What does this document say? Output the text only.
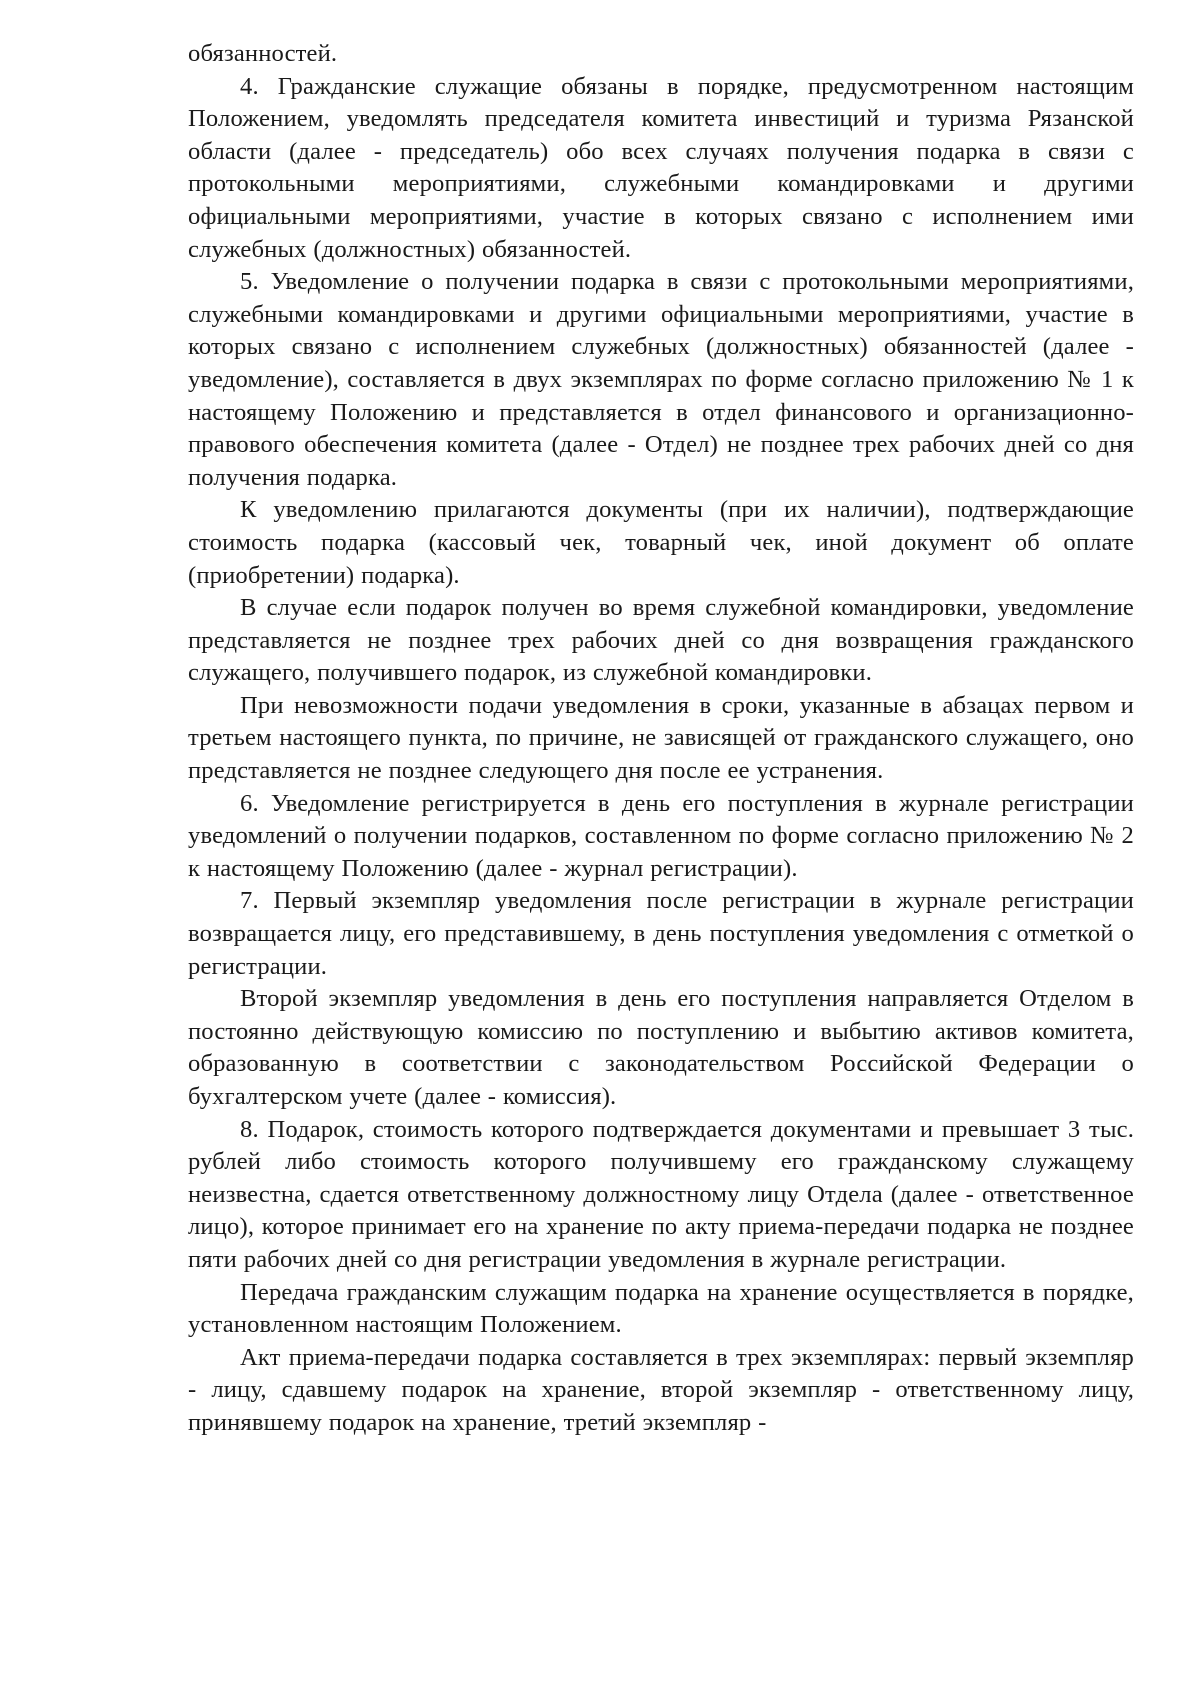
обязанностей.

4. Гражданские служащие обязаны в порядке, предусмотренном настоящим Положением, уведомлять председателя комитета инвестиций и туризма Рязанской области (далее - председатель) обо всех случаях получения подарка в связи с протокольными мероприятиями, служебными командировками и другими официальными мероприятиями, участие в которых связано с исполнением ими служебных (должностных) обязанностей.

5. Уведомление о получении подарка в связи с протокольными мероприятиями, служебными командировками и другими официальными мероприятиями, участие в которых связано с исполнением служебных (должностных) обязанностей (далее - уведомление), составляется в двух экземплярах по форме согласно приложению № 1 к настоящему Положению и представляется в отдел финансового и организационно-правового обеспечения комитета (далее - Отдел) не позднее трех рабочих дней со дня получения подарка.

К уведомлению прилагаются документы (при их наличии), подтверждающие стоимость подарка (кассовый чек, товарный чек, иной документ об оплате (приобретении) подарка).

В случае если подарок получен во время служебной командировки, уведомление представляется не позднее трех рабочих дней со дня возвращения гражданского служащего, получившего подарок, из служебной командировки.

При невозможности подачи уведомления в сроки, указанные в абзацах первом и третьем настоящего пункта, по причине, не зависящей от гражданского служащего, оно представляется не позднее следующего дня после ее устранения.

6. Уведомление регистрируется в день его поступления в журнале регистрации уведомлений о получении подарков, составленном по форме согласно приложению № 2 к настоящему Положению (далее - журнал регистрации).

7. Первый экземпляр уведомления после регистрации в журнале регистрации возвращается лицу, его представившему, в день поступления уведомления с отметкой о регистрации.

Второй экземпляр уведомления в день его поступления направляется Отделом в постоянно действующую комиссию по поступлению и выбытию активов комитета, образованную в соответствии с законодательством Российской Федерации о бухгалтерском учете (далее - комиссия).

8. Подарок, стоимость которого подтверждается документами и превышает 3 тыс. рублей либо стоимость которого получившему его гражданскому служащему неизвестна, сдается ответственному должностному лицу Отдела (далее - ответственное лицо), которое принимает его на хранение по акту приема-передачи подарка не позднее пяти рабочих дней со дня регистрации уведомления в журнале регистрации.

Передача гражданским служащим подарка на хранение осуществляется в порядке, установленном настоящим Положением.

Акт приема-передачи подарка составляется в трех экземплярах: первый экземпляр - лицу, сдавшему подарок на хранение, второй экземпляр - ответственному лицу, принявшему подарок на хранение, третий экземпляр -
